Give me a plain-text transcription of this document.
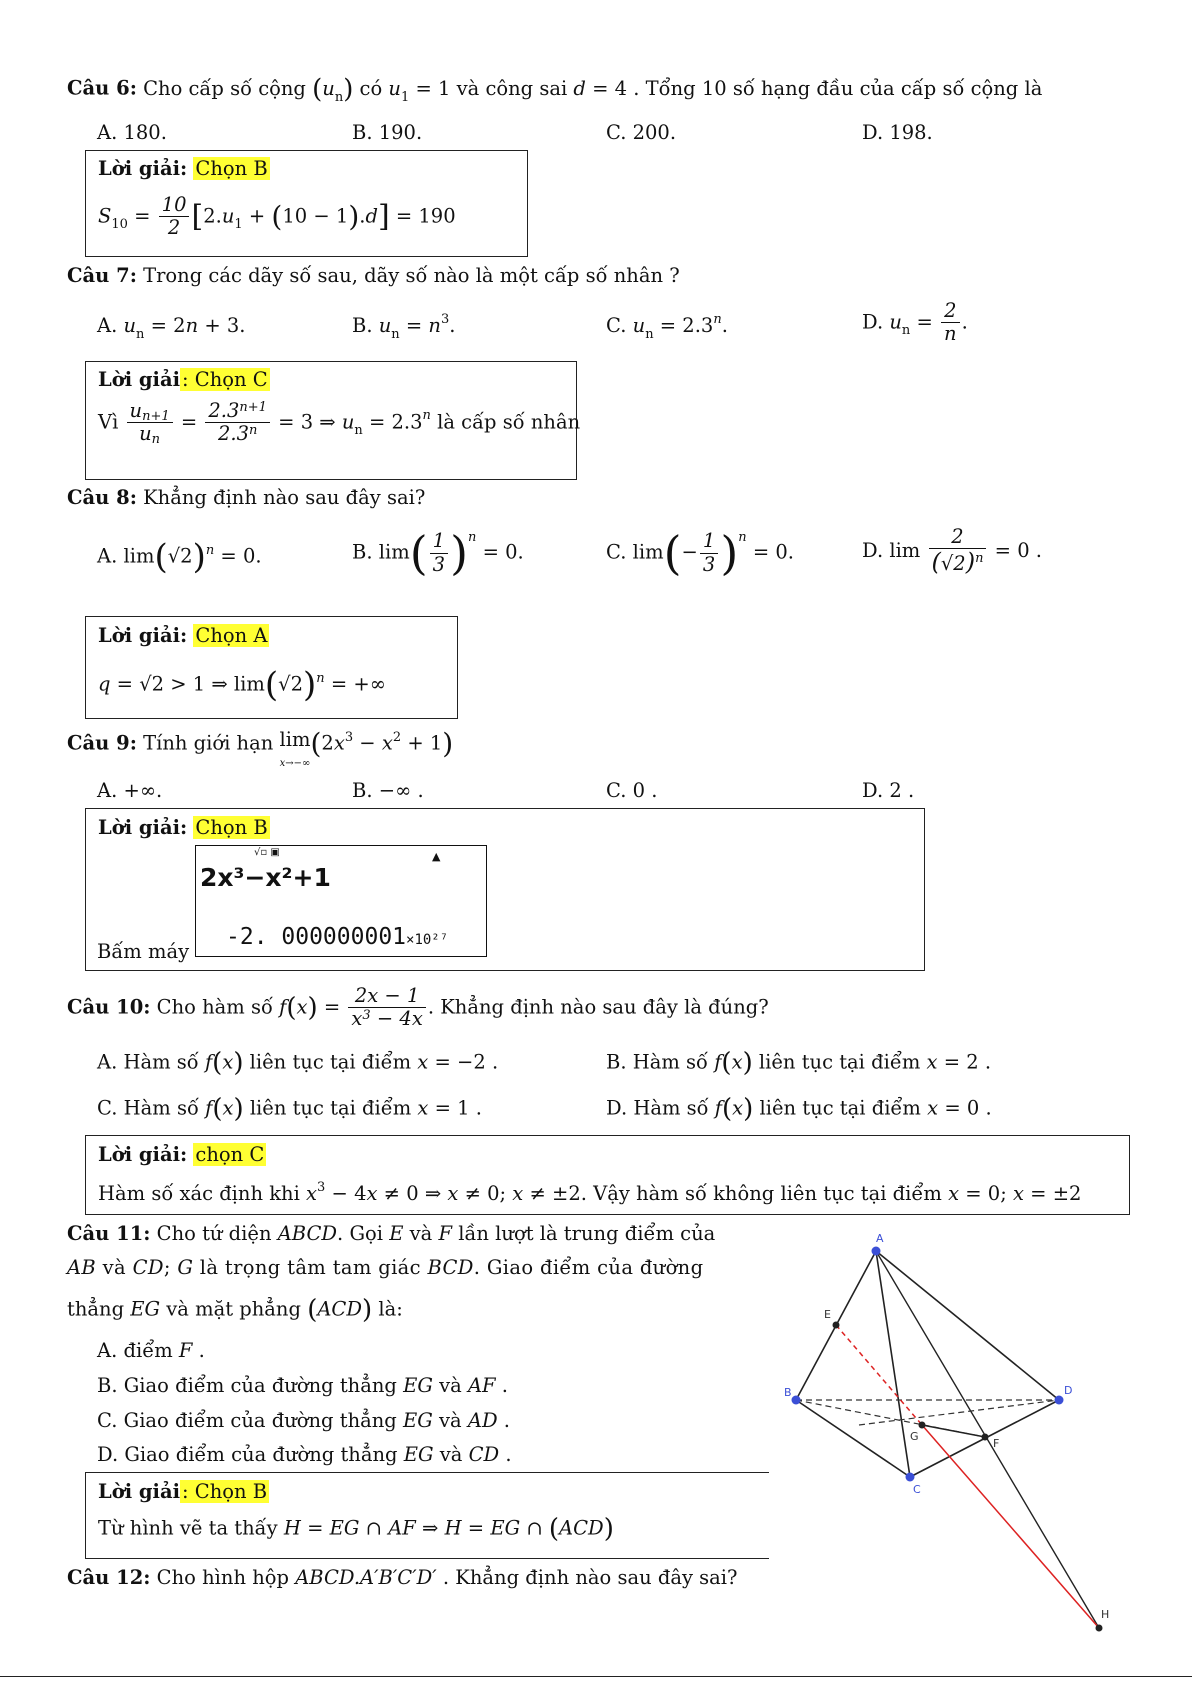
Câu 6: Cho cấp số cộng $(u_n)$ có $u_1 = 1$ và công sai d = 4 . Tổng 10 số hạng đầu của cấp số cộng là
A. 180.	B. 190.	C. 200.	D. 198.
Lời giải: Chọn B
$S_{10} = \frac{10}{2} [2.u_1 + (10 - 1).d] = 190$
Câu 7: Trong các dãy số sau, dãy số nào là một cấp số nhân ?
A. $u_n = 2n + 3$.	B. $u_n = n^3$.	C. $u_n = 2.3^n$.	D. $u_n = \frac{2}{n}$ .
Lời giải : Chọn C
Vì $\frac{un+1}{un} = \frac{2.3^{n+1}}{2.3^n} = 3$ ⇒ $u_n = 2.3^n$ là cấp số nhân
Câu 8: Khẳng định nào sau đây sai?
A. $\lim(√2)^n = 0$.	B. $\lim( \frac{1}{3} )^n = 0$.	C. $\lim(- \frac{1}{3} )^n = 0$.	D. $\lim \frac{2}{(√2)^n} = 0$ .
Lời giải: Chọn A
q = √2 > 1 ⇒ $\lim(√2)^n$ = +∞
Câu 9: Tính giới hạn lim
$x\to-\infty(2x^3 - x^2 + 1)$
A. +∞.	B. −∞ .	C. 0 .	D. 2 .
Lời giải: Chọn B
Bấm máy
√▫ ▣	▲
2x³−x²+1
-2. 000000001×10²⁷
Câu 10: Cho hàm số $f(x) = \frac{2x - 1}{x^3 - 4x}$ . Khẳng định nào sau đây là đúng?
A. Hàm số f(x) liên tục tại điểm x = −2 .	B. Hàm số f(x) liên tục tại điểm x = 2 .
C. Hàm số f(x) liên tục tại điểm x = 1 .	D. Hàm số f(x) liên tục tại điểm x = 0 .
Lời giải: chọn C
Hàm số xác định khi $x^3 - 4x \ne 0$ ⇒ x ≠ 0; x ≠ ±2. Vậy hàm số không liên tục tại điểm x = 0; x = ±2
Câu 11: Cho tứ diện ABCD. Gọi E và F lần lượt là trung điểm của
AB và CD; G là trọng tâm tam giác BCD. Giao điểm của đường
thẳng EG và mặt phẳng (ACD) là:
A. điểm F .
B. Giao điểm của đường thẳng EG và AF .
C. Giao điểm của đường thẳng EG và AD .
D. Giao điểm của đường thẳng EG và CD .
Lời giải : Chọn B
Từ hình vẽ ta thấy H = EG ∩ AF ⇒ H = EG ∩ (ACD)
A
E
B	D
G
F
C
H
Câu 12: Cho hình hộp ABCD.A′B′C′D′ . Khẳng định nào sau đây sai?
